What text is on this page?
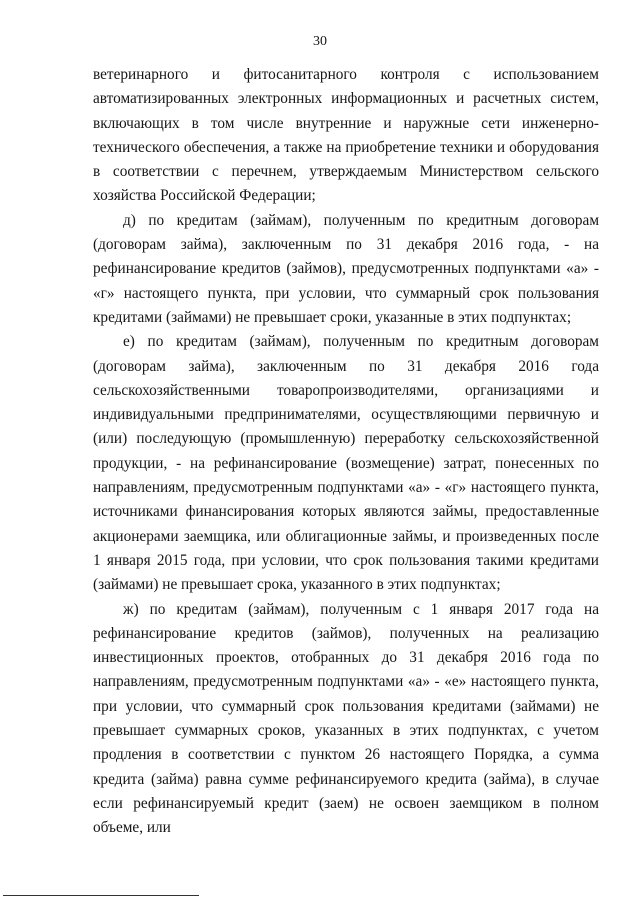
30

ветеринарного и фитосанитарного контроля с использованием автоматизированных электронных информационных и расчетных систем, включающих в том числе внутренние и наружные сети инженерно-технического обеспечения, а также на приобретение техники и оборудования в соответствии с перечнем, утверждаемым Министерством сельского хозяйства Российской Федерации;

д) по кредитам (займам), полученным по кредитным договорам (договорам займа), заключенным по 31 декабря 2016 года, - на рефинансирование кредитов (займов), предусмотренных подпунктами «а» - «г» настоящего пункта, при условии, что суммарный срок пользования кредитами (займами) не превышает сроки, указанные в этих подпунктах;

е) по кредитам (займам), полученным по кредитным договорам (договорам займа), заключенным по 31 декабря 2016 года сельскохозяйственными товаропроизводителями, организациями и индивидуальными предпринимателями, осуществляющими первичную и (или) последующую (промышленную) переработку сельскохозяйственной продукции, - на рефинансирование (возмещение) затрат, понесенных по направлениям, предусмотренным подпунктами «а» - «г» настоящего пункта, источниками финансирования которых являются займы, предоставленные акционерами заемщика, или облигационные займы, и произведенных после 1 января 2015 года, при условии, что срок пользования такими кредитами (займами) не превышает срока, указанного в этих подпунктах;

ж) по кредитам (займам), полученным с 1 января 2017 года на рефинансирование кредитов (займов), полученных на реализацию инвестиционных проектов, отобранных до 31 декабря 2016 года по направлениям, предусмотренным подпунктами «а» - «е» настоящего пункта, при условии, что суммарный срок пользования кредитами (займами) не превышает суммарных сроков, указанных в этих подпунктах, с учетом продления в соответствии с пунктом 26 настоящего Порядка, а сумма кредита (займа) равна сумме рефинансируемого кредита (займа), в случае если рефинансируемый кредит (заем) не освоен заемщиком в полном объеме, или
